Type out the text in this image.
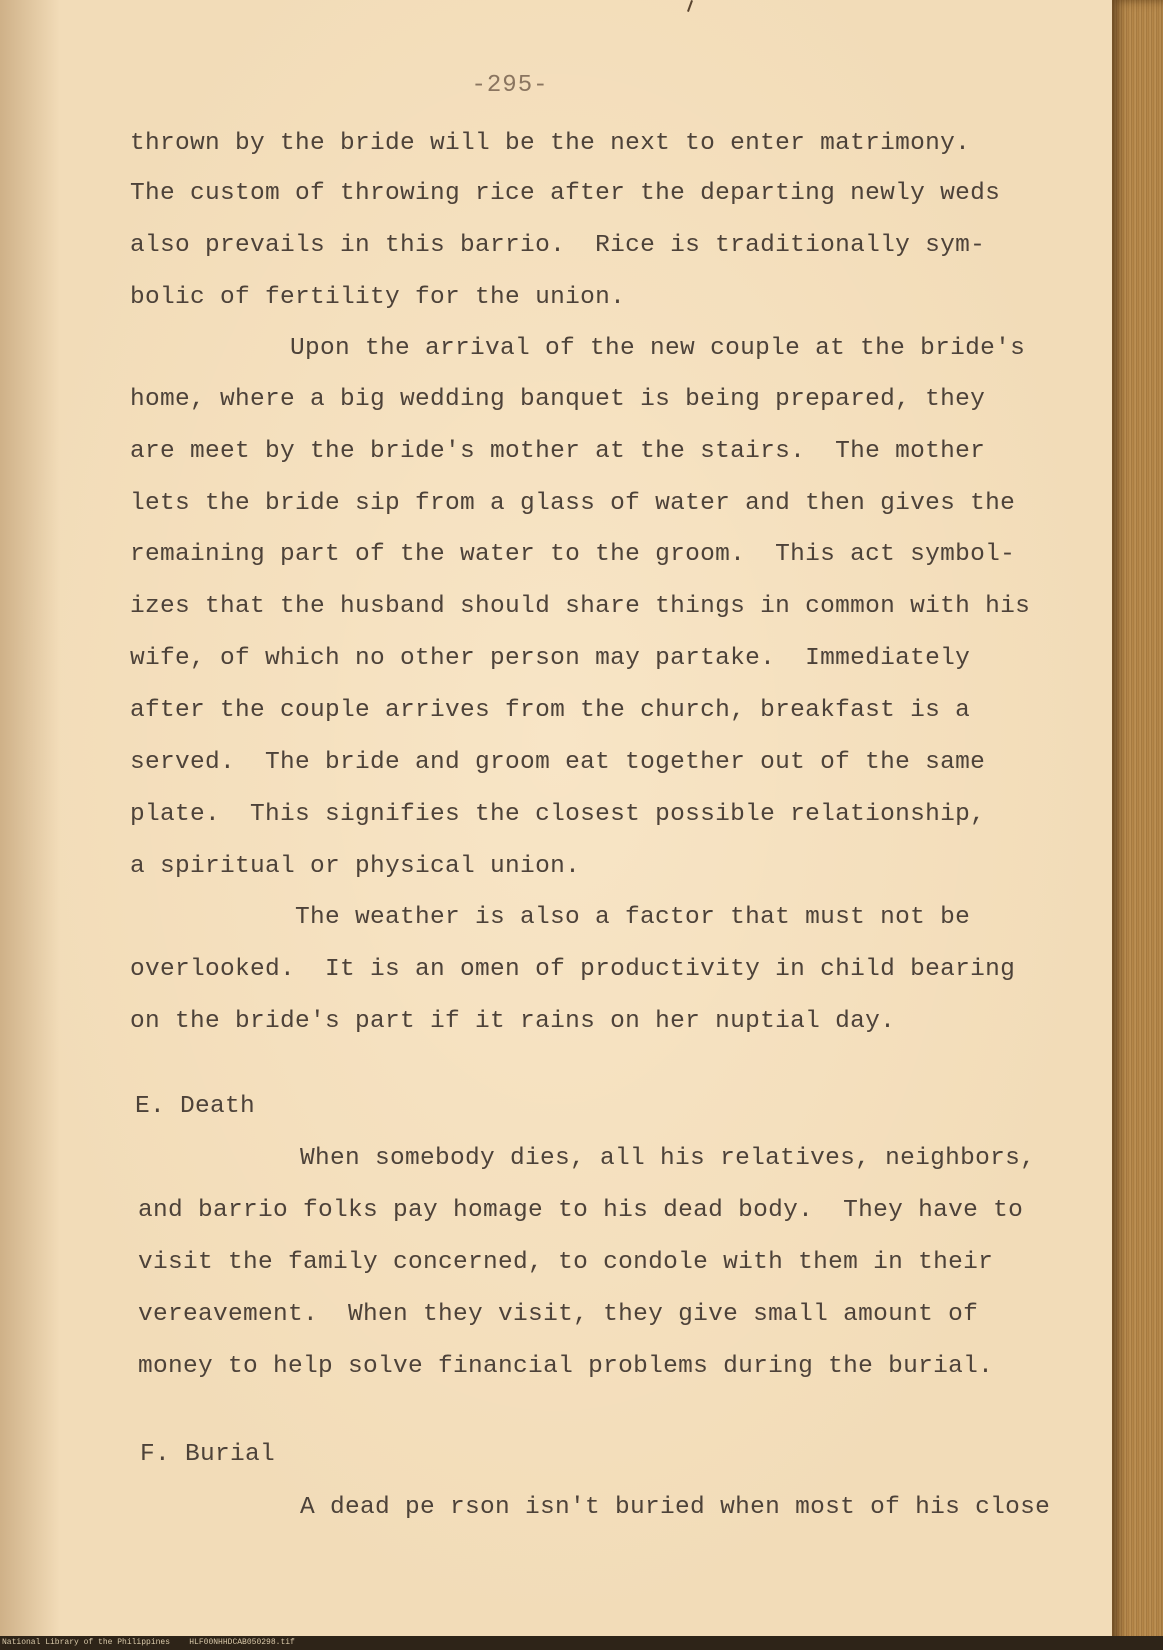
-295-

thrown by the bride will be the next to enter matrimony.

The custom of throwing rice after the departing newly weds

also prevails in this barrio.  Rice is traditionally sym-

bolic of fertility for the union.

Upon the arrival of the new couple at the bride's

home, where a big wedding banquet is being prepared, they

are meet by the bride's mother at the stairs.  The mother

lets the bride sip from a glass of water and then gives the

remaining part of the water to the groom.  This act symbol-

izes that the husband should share things in common with his

wife, of which no other person may partake.  Immediately

after the couple arrives from the church, breakfast is a

served.  The bride and groom eat together out of the same

plate.  This signifies the closest possible relationship,

a spiritual or physical union.

The weather is also a factor that must not be

overlooked.  It is an omen of productivity in child bearing

on the bride's part if it rains on her nuptial day.

E. Death

When somebody dies, all his relatives, neighbors,

and barrio folks pay homage to his dead body.  They have to

visit the family concerned, to condole with them in their

vereavement.  When they visit, they give small amount of

money to help solve financial problems during the burial.

F. Burial

A dead pe rson isn't buried when most of his close

National Library of the Philippines HLF00NHHDCAB050298.tif
